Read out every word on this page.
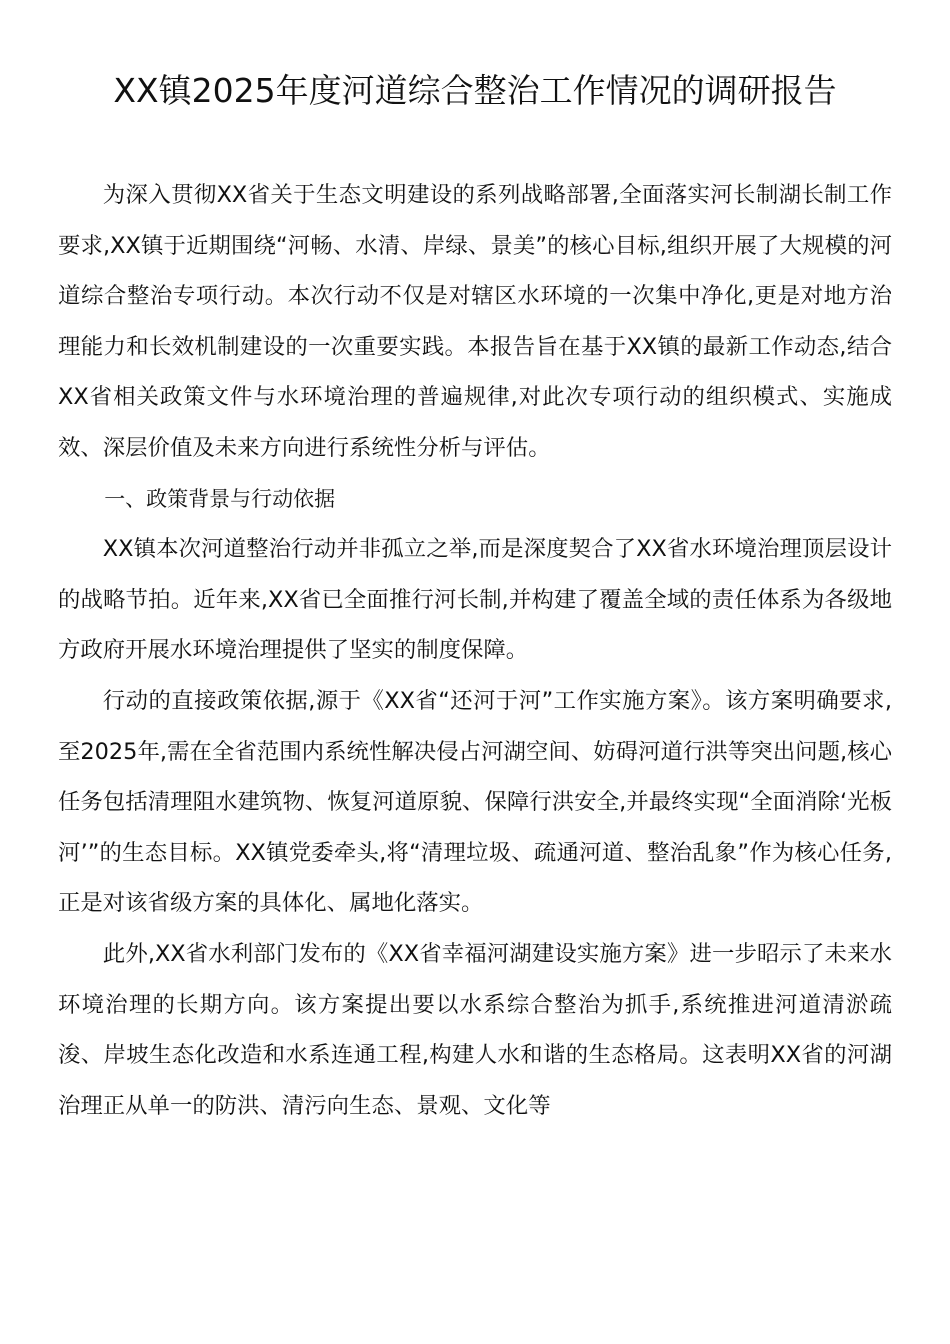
XX镇2025年度河道综合整治工作情况的调研报告

为深入贯彻XX省关于生态文明建设的系列战略部署,全面落实河长制湖长制工作要求,XX镇于近期围绕“河畅、水清、岸绿、景美”的核心目标,组织开展了大规模的河道综合整治专项行动。本次行动不仅是对辖区水环境的一次集中净化,更是对地方治理能力和长效机制建设的一次重要实践。本报告旨在基于XX镇的最新工作动态,结合XX省相关政策文件与水环境治理的普遍规律,对此次专项行动的组织模式、实施成效、深层价值及未来方向进行系统性分析与评估。

一、政策背景与行动依据

XX镇本次河道整治行动并非孤立之举,而是深度契合了XX省水环境治理顶层设计的战略节拍。近年来,XX省已全面推行河长制,并构建了覆盖全域的责任体系为各级地方政府开展水环境治理提供了坚实的制度保障。

行动的直接政策依据,源于《XX省“还河于河”工作实施方案》。该方案明确要求,至2025年,需在全省范围内系统性解决侵占河湖空间、妨碍河道行洪等突出问题,核心任务包括清理阻水建筑物、恢复河道原貌、保障行洪安全,并最终实现“全面消除‘光板河’”的生态目标。XX镇党委牵头,将“清理垃圾、疏通河道、整治乱象”作为核心任务,正是对该省级方案的具体化、属地化落实。

此外,XX省水利部门发布的《XX省幸福河湖建设实施方案》进一步昭示了未来水环境治理的长期方向。该方案提出要以水系综合整治为抓手,系统推进河道清淤疏浚、岸坡生态化改造和水系连通工程,构建人水和谐的生态格局。这表明XX省的河湖治理正从单一的防洪、清污向生态、景观、文化等
